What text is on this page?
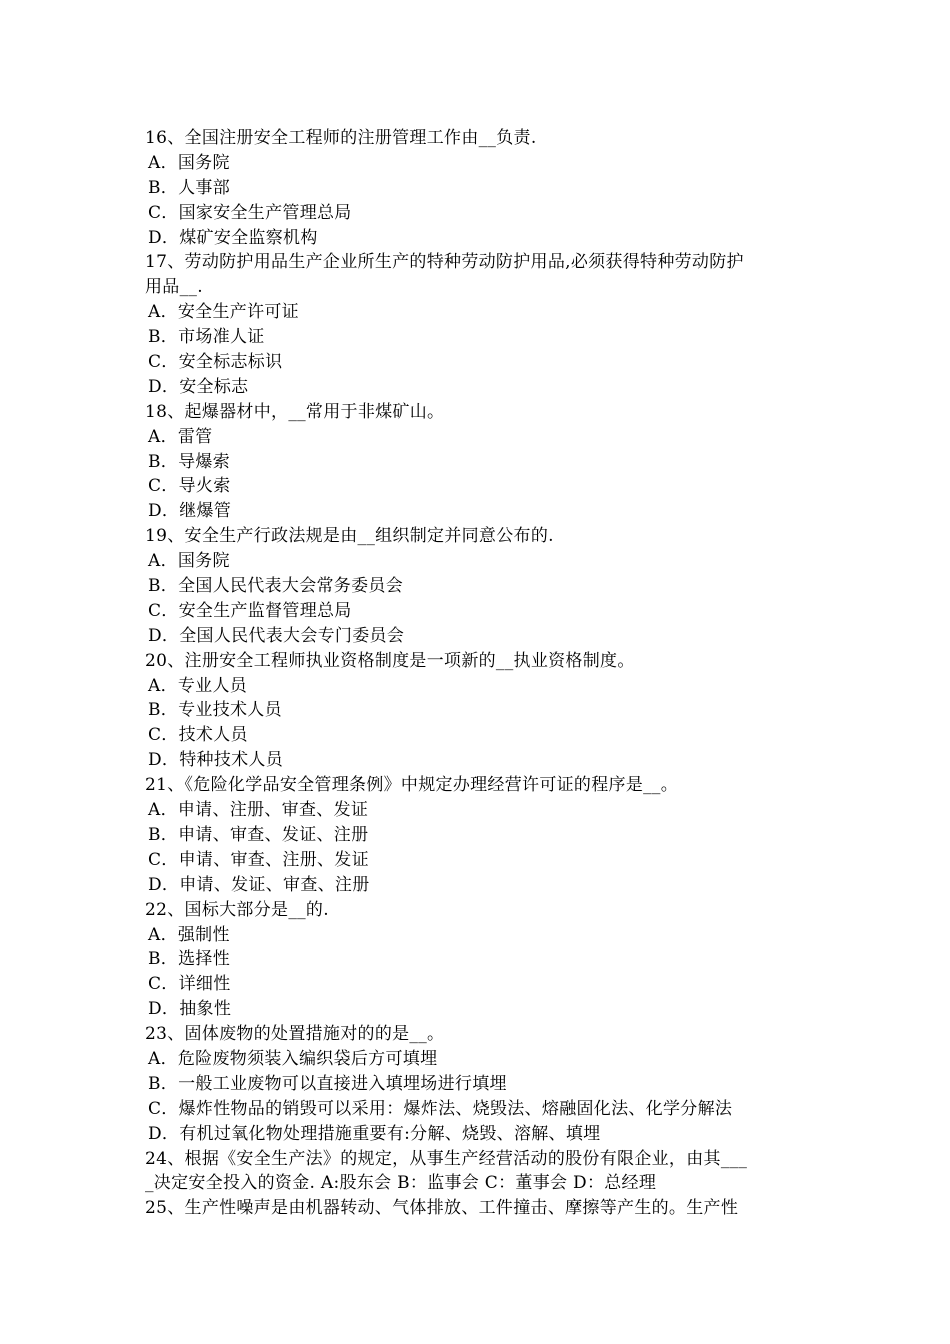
16、全国注册安全工程师的注册管理工作由__负责.
A．国务院
B．人事部
C．国家安全生产管理总局
D．煤矿安全监察机构
17、劳动防护用品生产企业所生产的特种劳动防护用品,必须获得特种劳动防护
用品__.
A．安全生产许可证
B．市场准人证
C．安全标志标识
D．安全标志
18、起爆器材中，__常用于非煤矿山。
A．雷管
B．导爆索
C．导火索
D．继爆管
19、安全生产行政法规是由__组织制定并同意公布的.
A．国务院
B．全国人民代表大会常务委员会
C．安全生产监督管理总局
D．全国人民代表大会专门委员会
20、注册安全工程师执业资格制度是一项新的__执业资格制度。
A．专业人员
B．专业技术人员
C．技术人员
D．特种技术人员
21、《危险化学品安全管理条例》中规定办理经营许可证的程序是__。
A．申请、注册、审查、发证
B．申请、审查、发证、注册
C．申请、审查、注册、发证
D．申请、发证、审查、注册
22、国标大部分是__的.
A．强制性
B．选择性
C．详细性
D．抽象性
23、固体废物的处置措施对的的是__。
A．危险废物须装入编织袋后方可填埋
B．一般工业废物可以直接进入填埋场进行填埋
C．爆炸性物品的销毁可以采用：爆炸法、烧毁法、熔融固化法、化学分解法
D．有机过氧化物处理措施重要有:分解、烧毁、溶解、填埋
24、根据《安全生产法》的规定，从事生产经营活动的股份有限企业，由其___
_决定安全投入的资金. A:股东会 B：监事会 C：董事会 D：总经理
25、生产性噪声是由机器转动、气体排放、工件撞击、摩擦等产生的。生产性
